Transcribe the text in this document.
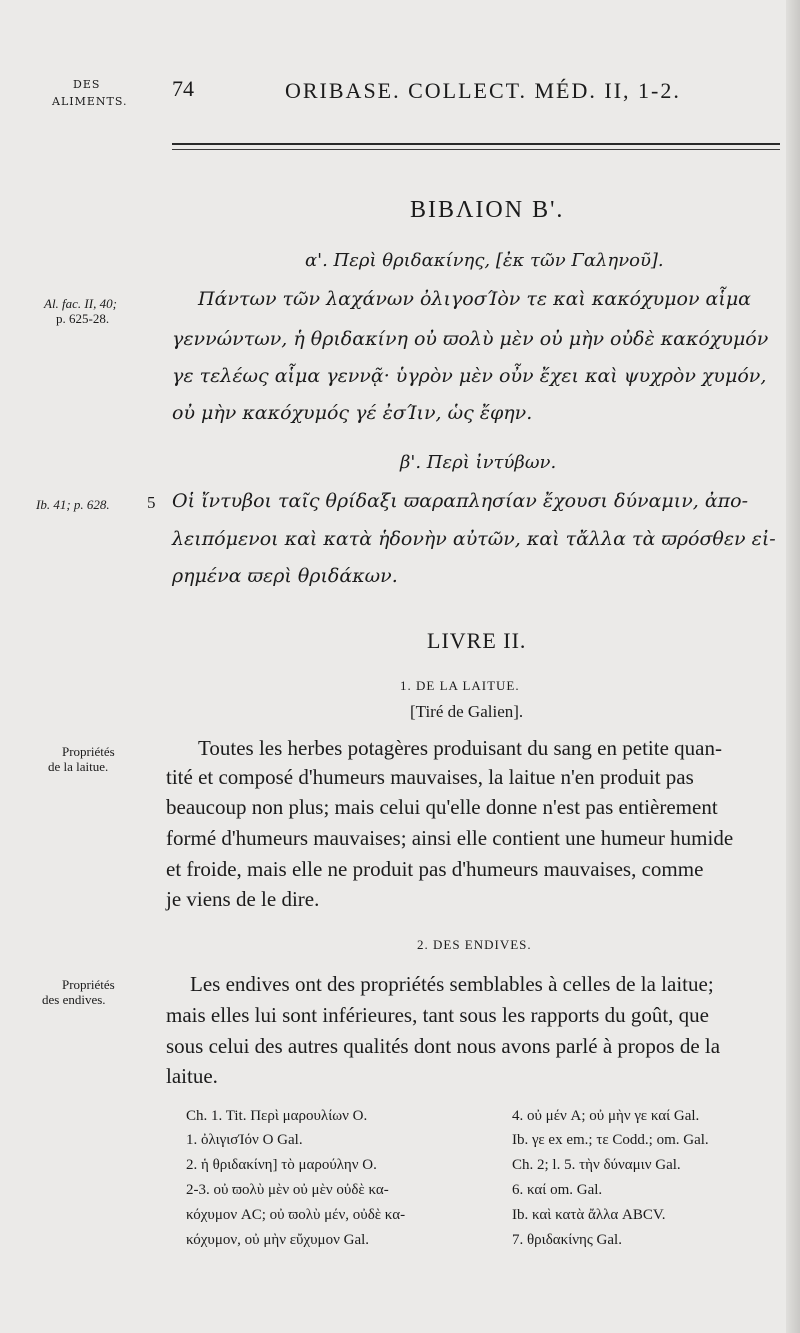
DES
ALIMENTS.
74	ORIBASE. COLLECT. MÉD. II, 1-2.
BIΒΛΙΟΝ Β'.
α'. Περὶ θριδακίνης, [ἐκ τῶν Γαληνοῦ].
Al. fac. II, 40;
p. 625-28.
Πάντων τῶν λαχάνων ὀλιγοσΊὸν τε καὶ κακόχυμον αἷμα
γεννώντων, ἡ θριδακίνη οὐ ϖολὺ μὲν οὐ μὴν οὐδὲ κακόχυμόν
γε τελέως αἷμα γεννᾷ· ὑγρὸν μὲν οὖν ἔχει καὶ ψυχρὸν χυμόν,
οὐ μὴν κακόχυμός γέ ἐσΊιν, ὡς ἔφην.
β'. Περὶ ἰντύβων.
Ib. 41; p. 628. 5 Οἱ ἴντυβοι ταῖς θρίδαξι ϖαραπλησίαν ἔχουσι δύναμιν, ἀπο-
λειπόμενοι καὶ κατὰ ἡδονὴν αὐτῶν, καὶ τἄλλα τὰ ϖρόσθεν εἰ-
ρημένα ϖερὶ θριδάκων.
LIVRE II.
1. DE LA LAITUE.
[Tiré de Galien].
Propriétés
de la laitue.
Toutes les herbes potagères produisant du sang en petite quan-
tité et composé d'humeurs mauvaises, la laitue n'en produit pas
beaucoup non plus; mais celui qu'elle donne n'est pas entièrement
formé d'humeurs mauvaises; ainsi elle contient une humeur humide
et froide, mais elle ne produit pas d'humeurs mauvaises, comme
je viens de le dire.
2. DES ENDIVES.
Propriétés
des endives.
Les endives ont des propriétés semblables à celles de la laitue;
mais elles lui sont inférieures, tant sous les rapports du goût, que
sous celui des autres qualités dont nous avons parlé à propos de la
laitue.
Ch. 1. Tit. Περὶ μαρουλίων O.
1. ὀλιγισΊόν O Gal.
2. ἡ θριδακίνη] τὸ μαρούλην O.
2-3. οὐ ϖολὺ μὲν οὐ μὲν οὐδὲ κα-
κόχυμον AC; οὐ ϖολὺ μέν, οὐδὲ κα-
κόχυμον, οὐ μὴν εὔχυμον Gal.
4. οὐ μέν A; οὐ μὴν γε καί Gal.
Ib. γε ex em.; τε Codd.; om. Gal.
Ch. 2; l. 5. τὴν δύναμιν Gal.
6. καί om. Gal.
Ib. καὶ κατὰ ἄλλα ABCV.
7. θριδακίνης Gal.
